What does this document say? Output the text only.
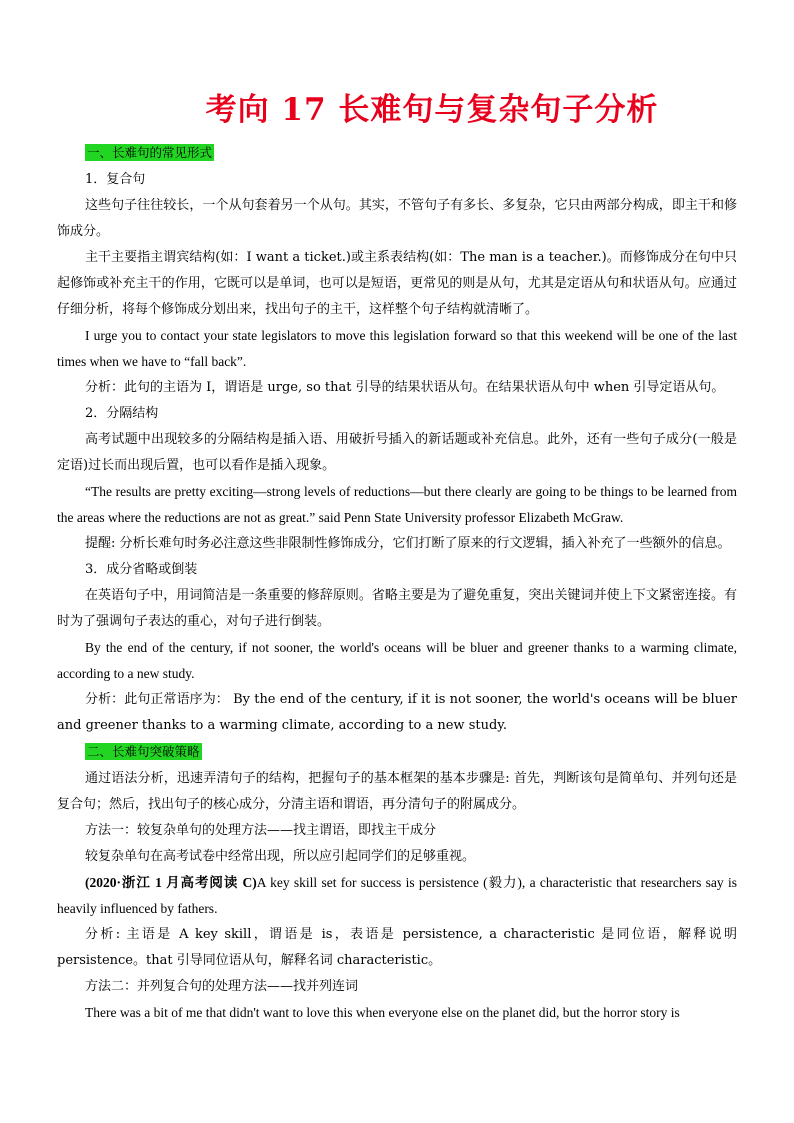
考向 17 长难句与复杂句子分析

一、长难句的常见形式

1．复合句

这些句子往往较长，一个从句套着另一个从句。其实，不管句子有多长、多复杂，它只由两部分构成，即主干和修饰成分。

主干主要指主谓宾结构(如：I want a ticket.)或主系表结构(如：The man is a teacher.)。而修饰成分在句中只起修饰或补充主干的作用，它既可以是单词，也可以是短语，更常见的则是从句，尤其是定语从句和状语从句。应通过仔细分析，将每个修饰成分划出来，找出句子的主干，这样整个句子结构就清晰了。

I urge you to contact your state legislators to move this legislation forward so that this weekend will be one of the last times when we have to “fall back”.

分析：此句的主语为 I，谓语是 urge, so that 引导的结果状语从句。在结果状语从句中 when 引导定语从句。

2．分隔结构

高考试题中出现较多的分隔结构是插入语、用破折号插入的新话题或补充信息。此外，还有一些句子成分(一般是定语)过长而出现后置，也可以看作是插入现象。

“The results are pretty exciting—strong levels of reductions—but there clearly are going to be things to be learned from the areas where the reductions are not as great.” said Penn State University professor Elizabeth McGraw.

提醒: 分析长难句时务必注意这些非限制性修饰成分，它们打断了原来的行文逻辑，插入补充了一些额外的信息。

3．成分省略或倒装

在英语句子中，用词简洁是一条重要的修辞原则。省略主要是为了避免重复，突出关键词并使上下文紧密连接。有时为了强调句子表达的重心，对句子进行倒装。

By the end of the century, if not sooner, the world's oceans will be bluer and greener thanks to a warming climate, according to a new study.

分析：此句正常语序为： By the end of the century, if it is not sooner, the world's oceans will be bluer and greener thanks to a warming climate, according to a new study.

二、长难句突破策略

通过语法分析，迅速弄清句子的结构，把握句子的基本框架的基本步骤是: 首先，判断该句是简单句、并列句还是复合句；然后，找出句子的核心成分，分清主语和谓语，再分清句子的附属成分。

方法一：较复杂单句的处理方法——找主谓语，即找主干成分

较复杂单句在高考试卷中经常出现，所以应引起同学们的足够重视。

(2020·浙江 1 月高考阅读 C)A key skill set for success is persistence (毅力), a characteristic that researchers say is heavily influenced by fathers.

分析: 主语是 A key skill，谓语是 is，表语是 persistence, a characteristic 是同位语，解释说明 persistence。that 引导同位语从句，解释名词 characteristic。

方法二：并列复合句的处理方法——找并列连词

There was a bit of me that didn't want to love this when everyone else on the planet did, but the horror story is
